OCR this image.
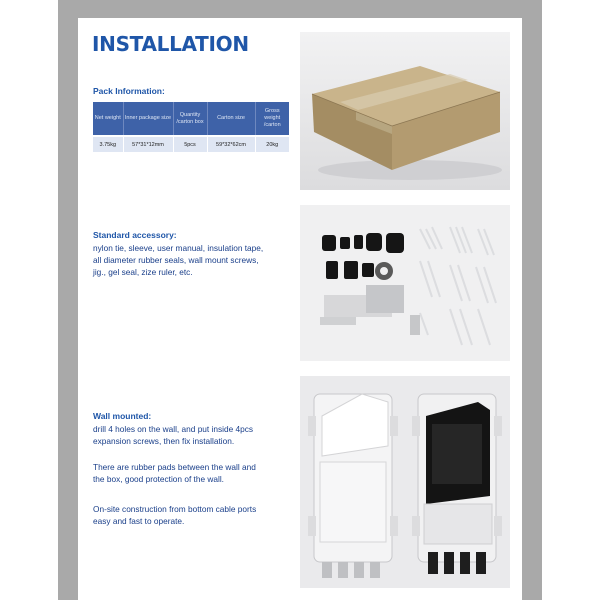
INSTALLATION
Pack Information:
Net weight	Inner package size	Quantity /carton box	Carton size	Gross weight /carton
3.75kg	57*31*12mm	5pcs	59*32*62cm	20kg
Standard accessory:
nylon tie, sleeve, user manual, insulation tape,
all diameter rubber seals, wall mount screws,
jig., gel seal, zize ruler, etc.
Wall mounted:
drill 4 holes on the wall, and put inside 4pcs
expansion screws, then fix installation.
There are rubber pads between the wall and
the box, good protection of the wall.
On-site construction from bottom cable ports
easy and fast to operate.
